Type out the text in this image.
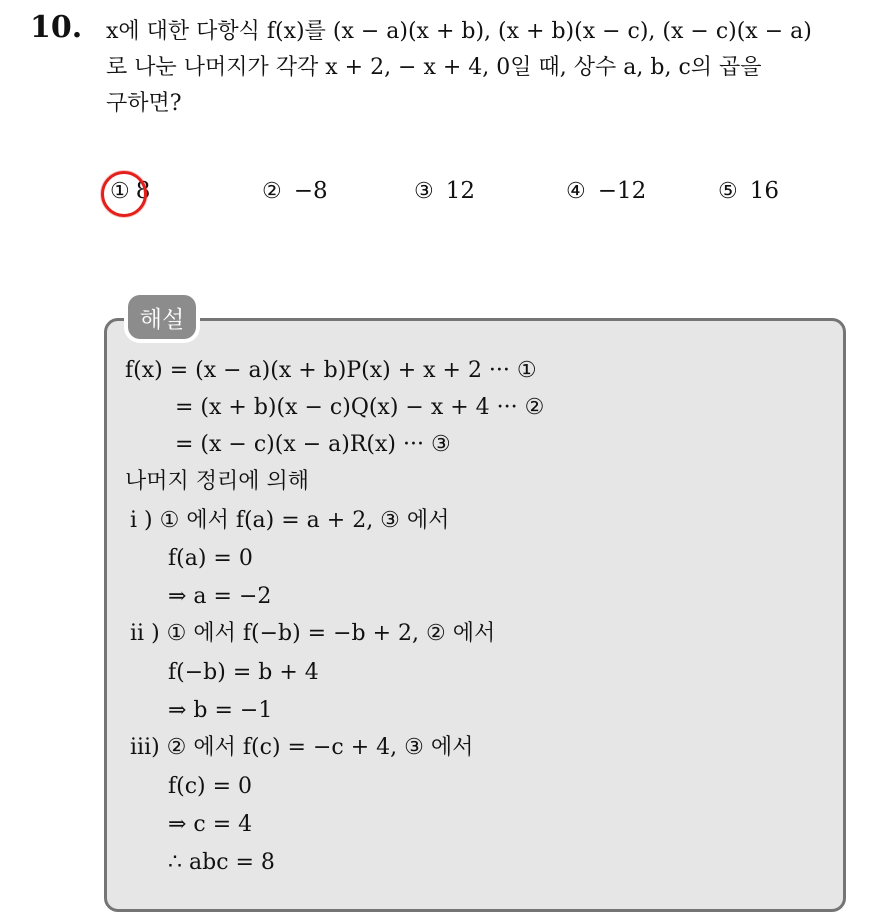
10. x에 대한 다항식 f(x)를 (x − a)(x + b), (x + b)(x − c), (x − c)(x − a)
로 나눈 나머지가 각각 x + 2, − x + 4, 0일 때, 상수 a, b, c의 곱을
구하면?
① 8	② −8	③ 12	④ −12	⑤ 16
해설
f(x) = (x − a)(x + b)P(x) + x + 2 ··· ①
= (x + b)(x − c)Q(x) − x + 4 ··· ②
= (x − c)(x − a)R(x) ··· ③
나머지 정리에 의해
i ) ① 에서 f(a) = a + 2, ③ 에서
f(a) = 0
⇒ a = −2
ii ) ① 에서 f(−b) = −b + 2, ② 에서
f(−b) = b + 4
⇒ b = −1
iii) ② 에서 f(c) = −c + 4, ③ 에서
f(c) = 0
⇒ c = 4
∴ abc = 8
